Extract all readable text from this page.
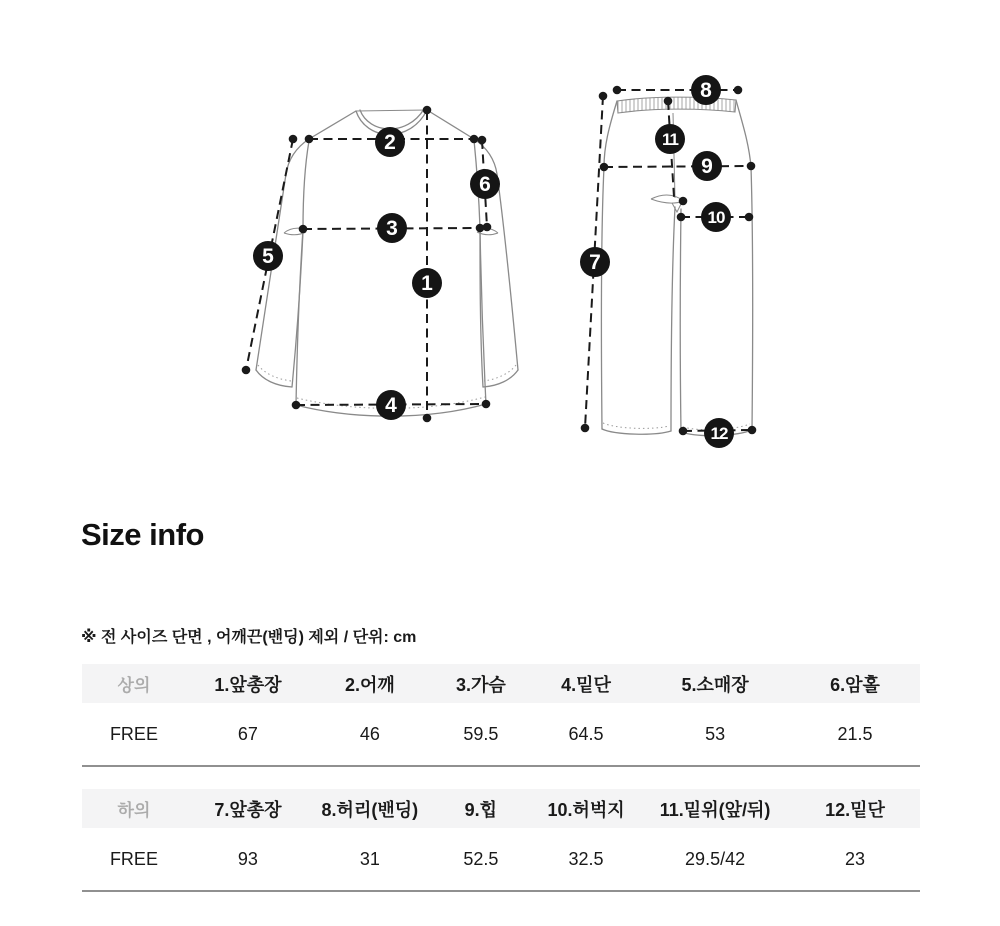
1
2
3
4
5
6
7
8
9
10
11
12
Size info

※ 전 사이즈 단면 , 어깨끈(밴딩) 제외 / 단위: cm

상의	1.앞총장	2.어깨	3.가슴	4.밑단	5.소매장	6.암홀
FREE	67	46	59.5	64.5	53	21.5
하의	7.앞총장	8.허리(밴딩)	9.힙	10.허벅지	11.밑위(앞/뒤)	12.밑단
FREE	93	31	52.5	32.5	29.5/42	23
